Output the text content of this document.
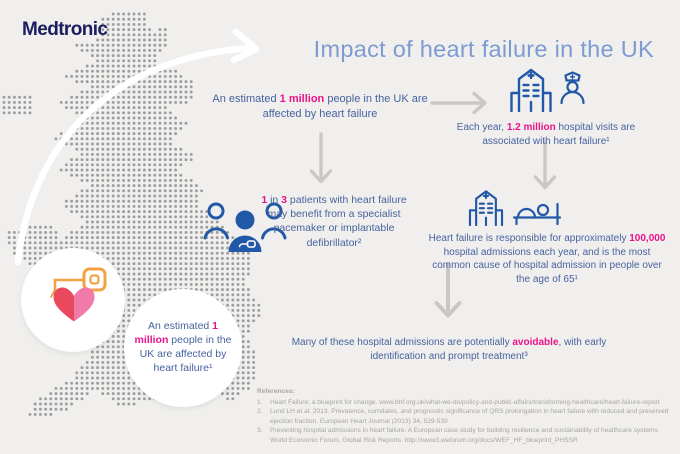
Medtronic
Impact of heart failure in the UK

An estimated 1 million people in the UK are affected by heart failure¹

An estimated 1 million people in the UK are affected by heart failure

Each year, 1.2 million hospital visits are associated with heart failure¹

1 in 3 patients with heart failure may benefit from a specialist pacemaker or implantable defibrillator²	Heart failure is responsible for approximately 100,000 hospital admissions each year, and is the most common cause of hospital admission in people over the age of 65¹

Many of these hospital admissions are potentially avoidable, with early identification and prompt treatment³

References:

1.	Heart Failure: a blueprint for change. www.bhf.org.uk/what-we-do/policy-and-public-affairs/transforming-healthcare/heart-failure-report
2.	Lund LH et al. 2013. Prevalence, correlates, and prognostic significance of QRS prolongation in heart failure with reduced and preserved ejection fraction. European Heart Journal (2013) 34, 529-539
3.	Preventing hospital admissions in heart failure. A European case study for building resilience and sustainability of healthcare systems World Economic Forum, Global Risk Reports. http://www3.weforum.org/docs/WEF_HF_blueprint_PHSSR
